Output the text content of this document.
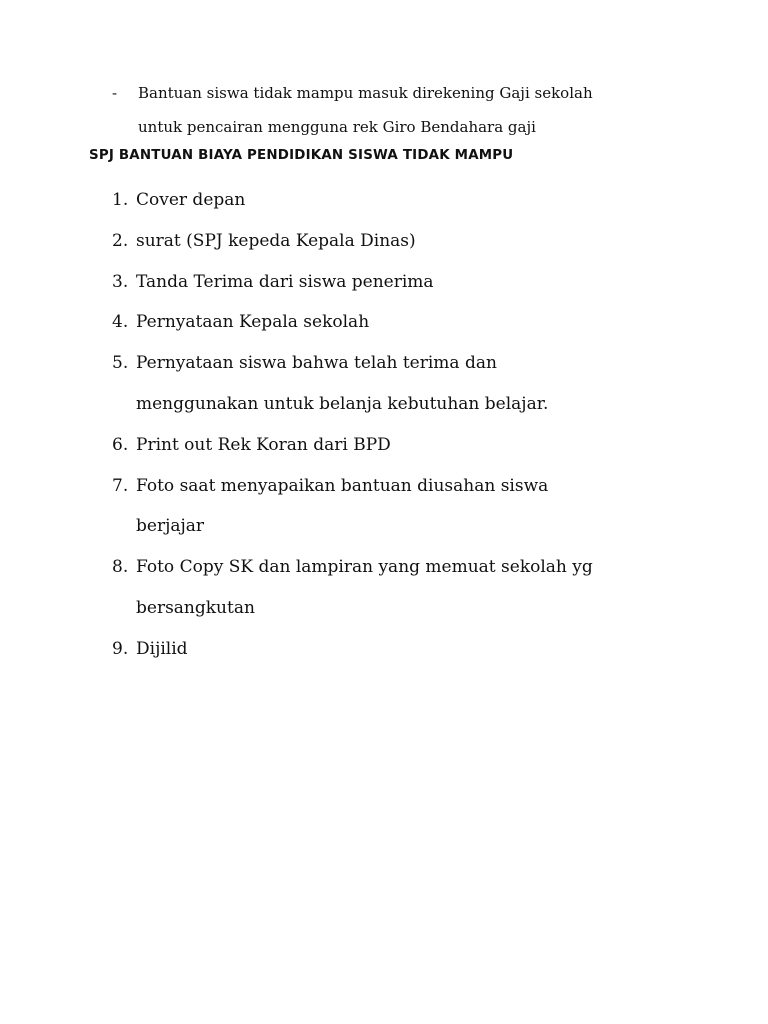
-	Bantuan siswa tidak mampu masuk direkening Gaji sekolah
untuk pencairan mengguna rek Giro Bendahara gaji
SPJ BANTUAN BIAYA PENDIDIKAN SISWA TIDAK MAMPU
1. Cover depan
2. surat (SPJ kepeda Kepala Dinas)
3. Tanda Terima dari siswa penerima
4. Pernyataan Kepala sekolah
5. Pernyataan siswa bahwa telah terima dan
menggunakan untuk belanja kebutuhan belajar.
6. Print out Rek Koran dari BPD
7. Foto saat menyapaikan bantuan diusahan siswa
berjajar
8. Foto Copy SK dan lampiran yang memuat sekolah yg
bersangkutan
9. Dijilid
